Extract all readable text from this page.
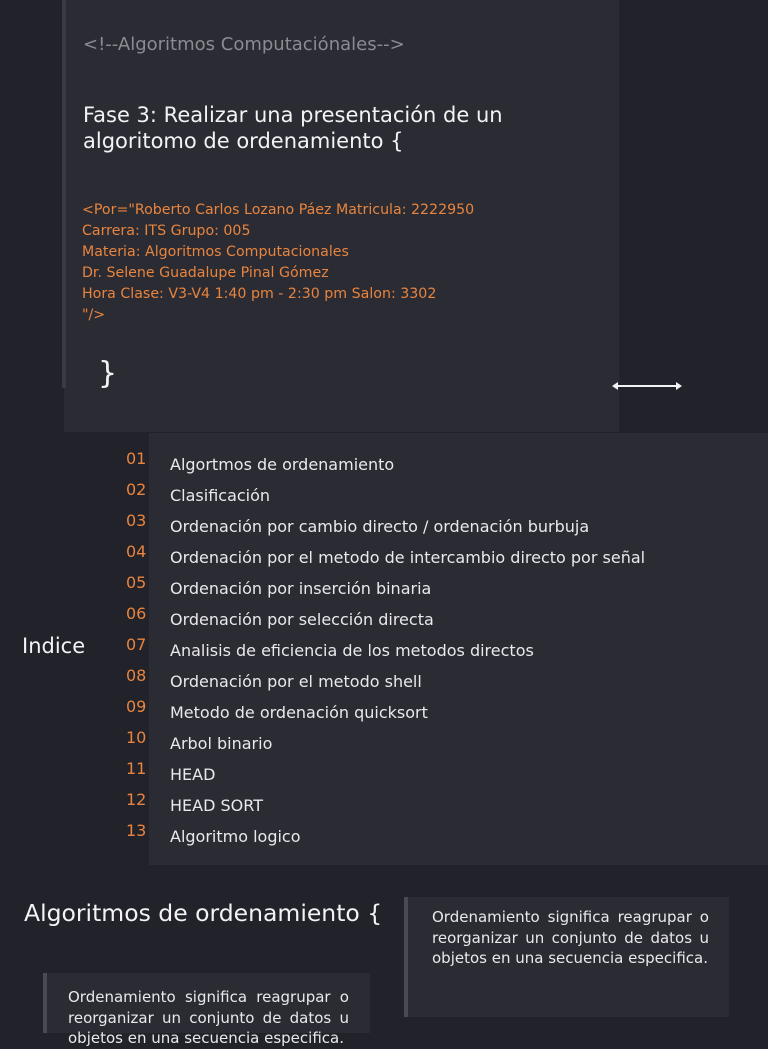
<!--Algoritmos Computaciónales-->
Fase 3: Realizar una presentación de un algoritomo de ordenamiento {
<Por="Roberto Carlos Lozano Páez Matricula: 2222950
Carrera: ITS Grupo: 005
Materia: Algoritmos Computacionales
Dr. Selene Guadalupe Pinal Gómez
Hora Clase: V3-V4 1:40 pm - 2:30 pm Salon: 3302
"/>
}
Indice
01 Algortmos de ordenamiento
02 Clasificación
03 Ordenación por cambio directo / ordenación burbuja
04 Ordenación por el metodo de intercambio directo por señal
05 Ordenación por inserción binaria
06 Ordenación por selección directa
07 Analisis de eficiencia de los metodos directos
08 Ordenación por el metodo shell
09 Metodo de ordenación quicksort
10 Arbol binario
11 HEAD
12 HEAD SORT
13 Algoritmo logico
Algoritmos de ordenamiento {	Ordenamiento significa reagrupar o reorganizar un conjunto de datos u objetos en una secuencia especifica.
Ordenamiento significa reagrupar o reorganizar un conjunto de datos u objetos en una secuencia especifica.
